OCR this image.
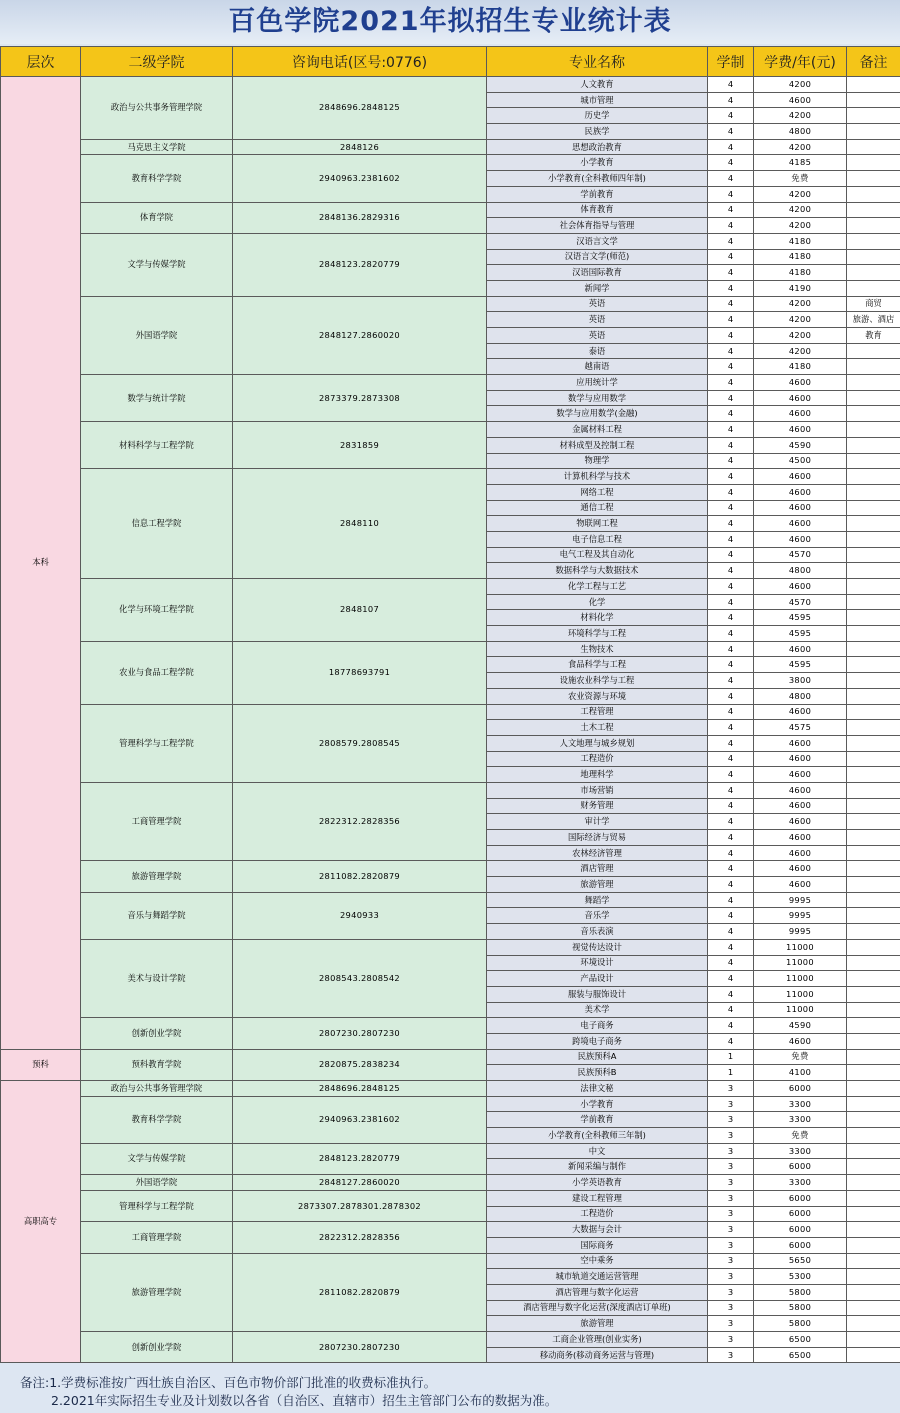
百色学院2021年拟招生专业统计表
层次	二级学院	咨询电话(区号:0776)	专业名称	学制	学费/年(元)	备注
本科	政治与公共事务管理学院	2848696.2848125	人文教育	4	4200	
			城市管理	4	4600	
			历史学	4	4200	
			民族学	4	4800	
	马克思主义学院	2848126	思想政治教育	4	4200	
	教育科学学院	2940963.2381602	小学教育	4	4185	
			小学教育(全科教师四年制)	4	免费	
			学前教育	4	4200	
	体育学院	2848136.2829316	体育教育	4	4200	
			社会体育指导与管理	4	4200	
	文学与传媒学院	2848123.2820779	汉语言文学	4	4180	
			汉语言文学(师范)	4	4180	
			汉语国际教育	4	4180	
			新闻学	4	4190	
	外国语学院	2848127.2860020	英语	4	4200	商贸
			英语	4	4200	旅游、酒店
			英语	4	4200	教育
			泰语	4	4200	
			越南语	4	4180	
	数学与统计学院	2873379.2873308	应用统计学	4	4600	
			数学与应用数学	4	4600	
			数学与应用数学(金融)	4	4600	
	材料科学与工程学院	2831859	金属材料工程	4	4600	
			材料成型及控制工程	4	4590	
			物理学	4	4500	
	信息工程学院	2848110	计算机科学与技术	4	4600	
			网络工程	4	4600	
			通信工程	4	4600	
			物联网工程	4	4600	
			电子信息工程	4	4600	
			电气工程及其自动化	4	4570	
			数据科学与大数据技术	4	4800	
	化学与环境工程学院	2848107	化学工程与工艺	4	4600	
			化学	4	4570	
			材料化学	4	4595	
			环境科学与工程	4	4595	
	农业与食品工程学院	18778693791	生物技术	4	4600	
			食品科学与工程	4	4595	
			设施农业科学与工程	4	3800	
			农业资源与环境	4	4800	
	管理科学与工程学院	2808579.2808545	工程管理	4	4600	
			土木工程	4	4575	
			人文地理与城乡规划	4	4600	
			工程造价	4	4600	
			地理科学	4	4600	
	工商管理学院	2822312.2828356	市场营销	4	4600	
			财务管理	4	4600	
			审计学	4	4600	
			国际经济与贸易	4	4600	
			农林经济管理	4	4600	
	旅游管理学院	2811082.2820879	酒店管理	4	4600	
			旅游管理	4	4600	
	音乐与舞蹈学院	2940933	舞蹈学	4	9995	
			音乐学	4	9995	
			音乐表演	4	9995	
	美术与设计学院	2808543.2808542	视觉传达设计	4	11000	
			环境设计	4	11000	
			产品设计	4	11000	
			服装与服饰设计	4	11000	
			美术学	4	11000	
	创新创业学院	2807230.2807230	电子商务	4	4590	
			跨境电子商务	4	4600	
预科	预科教育学院	2820875.2838234	民族预科A	1	免费	
			民族预科B	1	4100	
高职高专	政治与公共事务管理学院	2848696.2848125	法律文秘	3	6000	
	教育科学学院	2940963.2381602	小学教育	3	3300	
			学前教育	3	3300	
			小学教育(全科教师三年制)	3	免费	
	文学与传媒学院	2848123.2820779	中文	3	3300	
			新闻采编与制作	3	6000	
	外国语学院	2848127.2860020	小学英语教育	3	3300	
	管理科学与工程学院	2873307.2878301.2878302	建设工程管理	3	6000	
			工程造价	3	6000	
	工商管理学院	2822312.2828356	大数据与会计	3	6000	
			国际商务	3	6000	
	旅游管理学院	2811082.2820879	空中乘务	3	5650	
			城市轨道交通运营管理	3	5300	
			酒店管理与数字化运营	3	5800	
			酒店管理与数字化运营(深度酒店订单班)	3	5800	
			旅游管理	3	5800	
	创新创业学院	2807230.2807230	工商企业管理(创业实务)	3	6500	
			移动商务(移动商务运营与管理)	3	6500	
备注:1.学费标准按广西壮族自治区、百色市物价部门批准的收费标准执行。
2.2021年实际招生专业及计划数以各省（自治区、直辖市）招生主管部门公布的数据为准。
